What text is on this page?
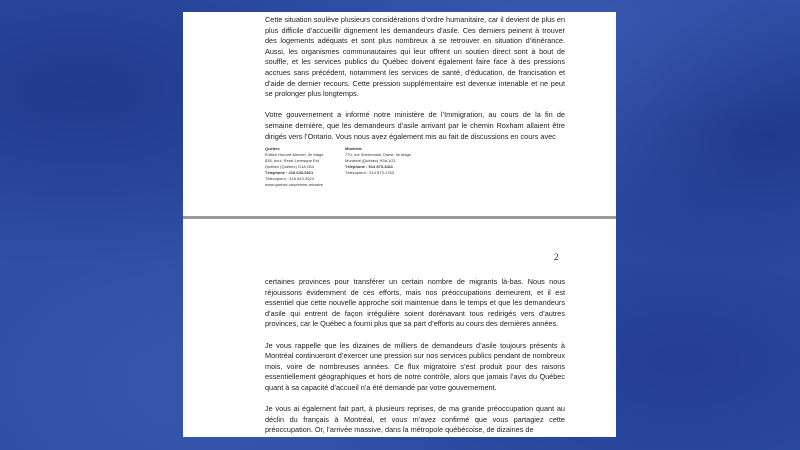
Cette situation soulève plusieurs considérations d’ordre humanitaire, car il devient de plus en plus difficile d’accueillir dignement les demandeurs d’asile. Ces derniers peinent à trouver des logements adéquats et sont plus nombreux à se retrouver en situation d’itinérance. Aussi, les organismes communautaires qui leur offrent un soutien direct sont à bout de souffle, et les services publics du Québec doivent également faire face à des pressions accrues sans précédent, notamment les services de santé, d’éducation, de francisation et d’aide de dernier recours. Cette pression supplémentaire est devenue intenable et ne peut se prolonger plus longtemps.

Votre gouvernement a informé notre ministère de l’Immigration, au cours de la fin de semaine dernière, que les demandeurs d’asile arrivant par le chemin Roxham allaient être dirigés vers l’Ontario. Vous nous avez également mis au fait de discussions en cours avec

Québec
Édifice Honoré-Mercier, 3e étage
835, boul. René-Lévesque Est
Québec (Québec) G1A 1B4
Téléphone : 418 643-5321
Télécopieur : 418 643-3924
www.quebec.ca/premier-ministre
Montréal
770, rue Sherbrooke Ouest, 4e étage
Montréal (Québec) H3A 1G1
Téléphone : 514 873-3411
Télécopieur : 514 873-1763
2

certaines provinces pour transférer un certain nombre de migrants là-bas. Nous nous réjouissons évidemment de ces efforts, mais nos préoccupations demeurent, et il est essentiel que cette nouvelle approche soit maintenue dans le temps et que les demandeurs d’asile qui entrent de façon irrégulière soient dorénavant tous redirigés vers d’autres provinces, car le Québec a fourni plus que sa part d’efforts au cours des dernières années.

Je vous rappelle que les dizaines de milliers de demandeurs d’asile toujours présents à Montréal continueront d’exercer une pression sur nos services publics pendant de nombreux mois, voire de nombreuses années. Ce flux migratoire s’est produit pour des raisons essentiellement géographiques et hors de notre contrôle, alors que jamais l’avis du Québec quant à sa capacité d’accueil n’a été demandé par votre gouvernement.

Je vous ai également fait part, à plusieurs reprises, de ma grande préoccupation quant au déclin du français à Montréal, et vous m’avez confirmé que vous partagiez cette préoccupation. Or, l’arrivée massive, dans la métropole québécoise, de dizaines de
